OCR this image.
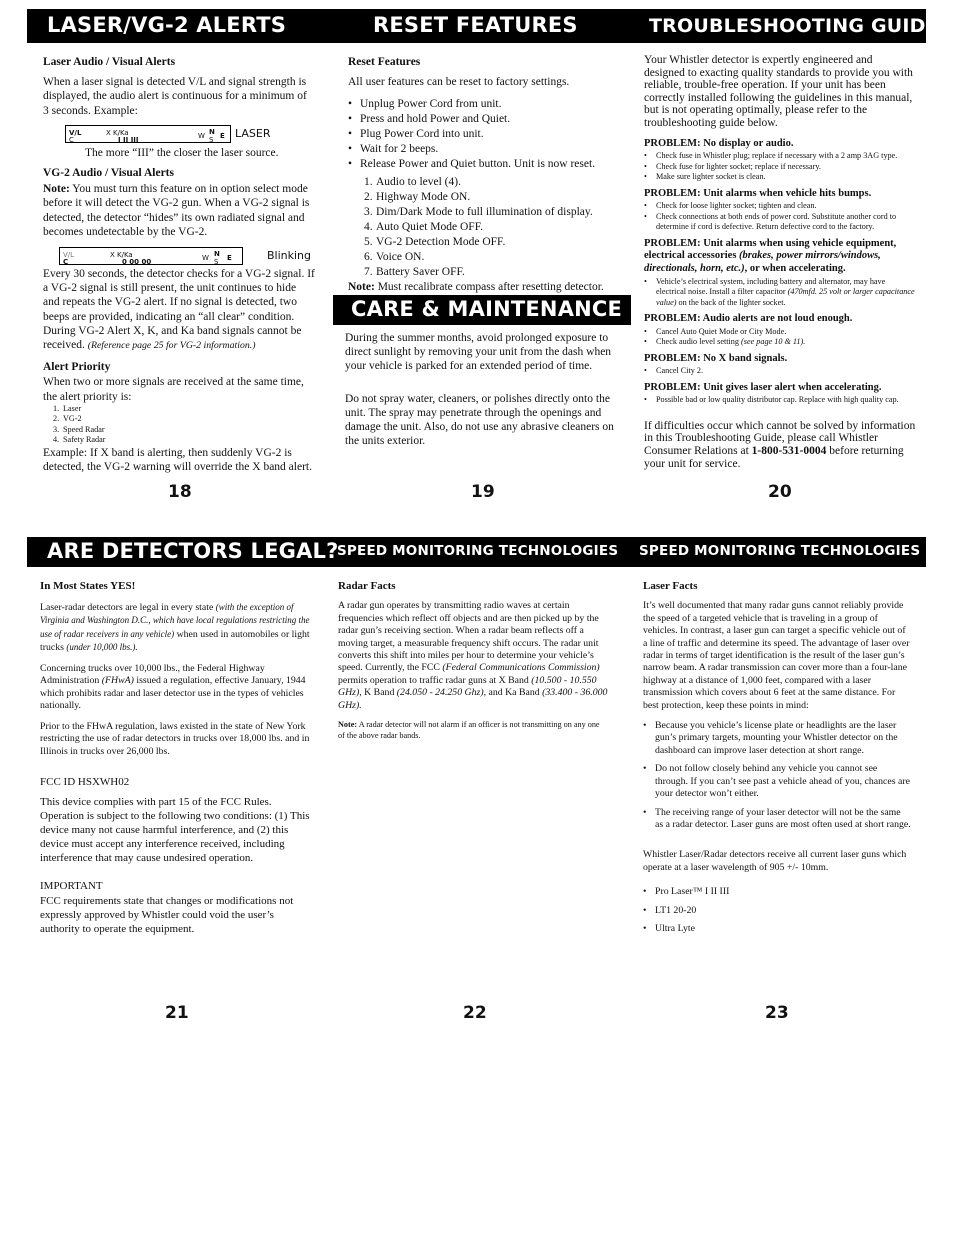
LASER/VG-2 ALERTS	RESET FEATURES	TROUBLESHOOTING GUIDE

Laser Audio / Visual Alerts

When a laser signal is detected V/L and signal strength is displayed, the audio alert is continuous for a minimum of 3 seconds. Example:

V/L
C
X K/Ka
I II III	W N
S E LASER

The more “III” the closer the laser source.

VG-2 Audio / Visual Alerts

Note: You must turn this feature on in option select mode before it will detect the VG-2 gun. When a VG-2 signal is detected, the detector “hides” its own radiated signal and becomes undetectable by the VG-2.

V/L
C
X K/Ka
0 00 00	W N
S E	Blinking

Every 30 seconds, the detector checks for a VG-2 signal. If a VG-2 signal is still present, the unit continues to hide and repeats the VG-2 alert. If no signal is detected, two beeps are provided, indicating an “all clear” condition. During VG-2 Alert X, K, and Ka band signals cannot be received. (Reference page 25 for VG-2 information.)

Alert Priority

When two or more signals are received at the same time, the alert priority is:

1. Laser
2. VG-2
3. Speed Radar
4. Safety Radar

Example: If X band is alerting, then suddenly VG-2 is detected, the VG-2 warning will override the X band alert.

18

Reset Features

All user features can be reset to factory settings.

• Unplug Power Cord from unit.
• Press and hold Power and Quiet.
• Plug Power Cord into unit.
• Wait for 2 beeps.
• Release Power and Quiet button. Unit is now reset.
1. Audio to level (4).
2. Highway Mode ON.
3. Dim/Dark Mode to full illumination of display.
4. Auto Quiet Mode OFF.
5. VG-2 Detection Mode OFF.
6. Voice ON.
7. Battery Saver OFF.

Note: Must recalibrate compass after resetting detector.

CARE & MAINTENANCE

During the summer months, avoid prolonged exposure to direct sunlight by removing your unit from the dash when your vehicle is parked for an extended period of time.

Do not spray water, cleaners, or polishes directly onto the unit. The spray may penetrate through the openings and damage the unit. Also, do not use any abrasive cleaners on the units exterior.

19

Your Whistler detector is expertly engineered and designed to exacting quality standards to provide you with reliable, trouble-free operation. If your unit has been correctly installed following the guidelines in this manual, but is not operating optimally, please refer to the troubleshooting guide below.

PROBLEM: No display or audio.

• Check fuse in Whistler plug; replace if necessary with a 2 amp 3AG type.
• Check fuse for lighter socket; replace if necessary.
• Make sure lighter socket is clean.

PROBLEM: Unit alarms when vehicle hits bumps.

• Check for loose lighter socket; tighten and clean.
• Check connections at both ends of power cord. Substitute another cord to determine if cord is defective. Return defective cord to the factory.

PROBLEM: Unit alarms when using vehicle equipment, electrical accessories (brakes, power mirrors/windows, directionals, horn, etc.), or when accelerating.

• Vehicle’s electrical system, including battery and alternator, may have electrical noise. Install a filter capacitor (470mfd. 25 volt or larger capacitance value) on the back of the lighter socket.

PROBLEM: Audio alerts are not loud enough.

• Cancel Auto Quiet Mode or City Mode.
• Check audio level setting (see page 10 & 11).

PROBLEM: No X band signals.

• Cancel City 2.

PROBLEM: Unit gives laser alert when accelerating.

• Possible bad or low quality distributor cap. Replace with high quality cap.

If difficulties occur which cannot be solved by information in this Troubleshooting Guide, please call Whistler Consumer Relations at 1-800-531-0004 before returning your unit for service.

20
ARE DETECTORS LEGAL?
SPEED MONITORING TECHNOLOGIES SPEED MONITORING TECHNOLOGIES

In Most States YES!

Laser-radar detectors are legal in every state (with the exception of Virginia and Washington D.C., which have local regulations restricting the use of radar receivers in any vehicle) when used in automobiles or light trucks (under 10,000 lbs.).

Concerning trucks over 10,000 lbs., the Federal Highway Administration (FHwA) issued a regulation, effective January, 1944 which prohibits radar and laser detector use in the types of vehicles nationally.

Prior to the FHwA regulation, laws existed in the state of New York restricting the use of radar detectors in trucks over 18,000 lbs. and in Illinois in trucks over 26,000 lbs.

FCC ID HSXWH02

This device complies with part 15 of the FCC Rules. Operation is subject to the following two conditions: (1) This device many not cause harmful interference, and (2) this device must accept any interference received, including interference that may cause undesired operation.

IMPORTANT

FCC requirements state that changes or modifications not expressly approved by Whistler could void the user’s authority to operate the equipment.

21

Radar Facts

A radar gun operates by transmitting radio waves at certain frequencies which reflect off objects and are then picked up by the radar gun’s receiving section. When a radar beam reflects off a moving target, a measurable frequency shift occurs. The radar unit converts this shift into miles per hour to determine your vehicle’s speed. Currently, the FCC (Federal Communications Commission) permits operation to traffic radar guns at X Band (10.500 - 10.550 GHz), K Band (24.050 - 24.250 Ghz), and Ka Band (33.400 - 36.000 GHz).

Note: A radar detector will not alarm if an officer is not transmitting on any one of the above radar bands.

22

Laser Facts

It’s well documented that many radar guns cannot reliably provide the speed of a targeted vehicle that is traveling in a group of vehicles. In contrast, a laser gun can target a specific vehicle out of a line of traffic and determine its speed. The advantage of laser over radar in terms of target identification is the result of the laser gun’s narrow beam. A radar transmission can cover more than a four-lane highway at a distance of 1,000 feet, compared with a laser transmission which covers about 6 feet at the same distance. For best protection, keep these points in mind:

• Because you vehicle’s license plate or headlights are the laser gun’s primary targets, mounting your Whistler detector on the dashboard can improve laser detection at short range.
• Do not follow closely behind any vehicle you cannot see through. If you can’t see past a vehicle ahead of you, chances are your detector won’t either.
• The receiving range of your laser detector will not be the same as a radar detector. Laser guns are most often used at short range.

Whistler Laser/Radar detectors receive all current laser guns which operate at a laser wavelength of 905 +/- 10mm.

• Pro Laser™ I II III
• LT1 20-20
• Ultra Lyte
23
